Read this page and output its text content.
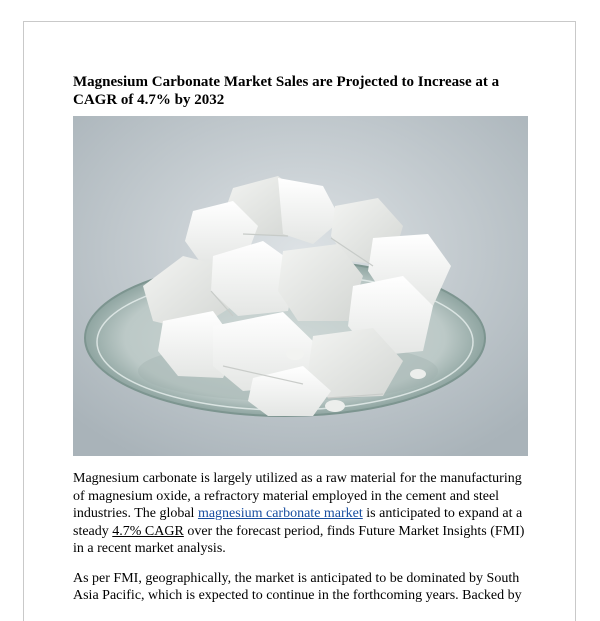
Magnesium Carbonate Market Sales are Projected to Increase at a CAGR of 4.7% by 2032

Magnesium carbonate is largely utilized as a raw material for the manufacturing of magnesium oxide, a refractory material employed in the cement and steel industries. The global magnesium carbonate market is anticipated to expand at a steady 4.7% CAGR over the forecast period, finds Future Market Insights (FMI) in a recent market analysis.

As per FMI, geographically, the market is anticipated to be dominated by South Asia Pacific, which is expected to continue in the forthcoming years. Backed by
